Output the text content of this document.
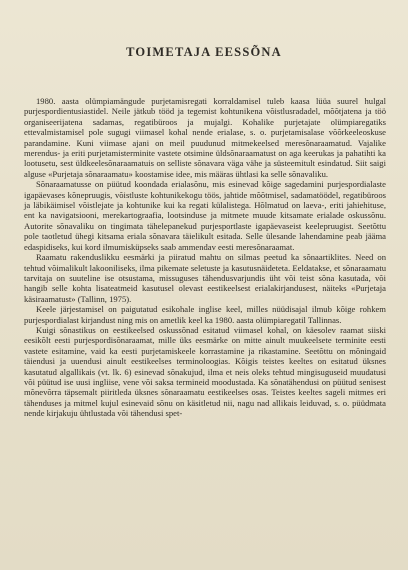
TOIMETAJA EESSÕNA

1980. aasta olümpiamängude purjetamisregati korraldamisel tuleb kaasa lüüa suurel hulgal purjespordientusiastidel. Neile jätkub tööd ja tegemist kohtunikena võistlusradadel, mõõtjatena ja töö organiseerijatena sadamas, regatibüroos ja mujalgi. Kohalike purjetajate olümpiaregatiks ettevalmistamisel pole sugugi viimasel kohal nende erialase, s. o. purjetamisalase võõrkeeleoskuse parandamine. Kuni viimase ajani on meil puudunud mitmekeelsed meresõnaraamatud. Vajalike merendus- ja eriti purjetamisterminite vastete otsimine üldsõnaraamatust on aga keerukas ja pahatihti ka lootusetu, sest üldkeelesõnaraamatuis on selliste sõnavara väga vähe ja süsteemitult esindatud. Siit saigi alguse «Purjetaja sõnaraamatu» koostamise idee, mis määras ühtlasi ka selle sõnavaliku.

Sõnaraamatusse on püütud koondada erialasõnu, mis esinevad kõige sagedamini purjespordialaste igapäevases kõnepruugis, võistluste kohtunikekogu töös, jahtide mõõtmisel, sadamatöödel, regatibüroos ja läbikäimisel võistlejate ja kohtunike kui ka regati külalistega. Hõlmatud on laeva-, eriti jahiehituse, ent ka navigatsiooni, merekartograafia, lootsinduse ja mitmete muude kitsamate erialade oskussõnu. Autorite sõnavaliku on tingimata tähelepanekud purjesportlaste igapäevaseist keelepruugist. Seetõttu pole taotletud ühegi kitsama eriala sõnavara täielikult esitada. Selle ülesande lahendamine peab jääma edaspidiseks, kui kord ilmumisküpseks saab ammendav eesti meresõnaraamat.

Raamatu rakenduslikku eesmärki ja piiratud mahtu on silmas peetud ka sõnaartiklites. Need on tehtud võimalikult lakooniliseks, ilma pikemate seletuste ja kasutusnäideteta. Eeldatakse, et sõnaraamatu tarvitaja on suuteline ise otsustama, missuguses tähendusvarjundis üht või teist sõna kasutada, või hangib selle kohta lisateatmeid kasutusel olevast eestikeelsest erialakirjandusest, näiteks «Purjetaja käsiraamatust» (Tallinn, 1975).

Keele järjestamisel on paigutatud esikohale inglise keel, milles nüüdisajal ilmub kõige rohkem purjespordialast kirjandust ning mis on ametlik keel ka 1980. aasta olümpiaregatil Tallinnas.

Kuigi sõnastikus on eestikeelsed oskussõnad esitatud viimasel kohal, on käesolev raamat siiski eesikõlt eesti purjespordisõnaraamat, mille üks eesmärke on mitte ainult muukeelsete terminite eesti vastete esitamine, vaid ka eesti purjetamiskeele korrastamine ja rikastamine. Seetõttu on mõningaid täiendusi ja uuendusi ainult eestikeelses terminoloogias. Kõigis teistes keeltes on esitatud üksnes kasutatud algallikais (vt. lk. 6) esinevad sõnakujud, ilma et neis oleks tehtud mingisuguseid muudatusi või püütud ise uusi ingliise, vene või saksa termineid moodustada. Ka sõnatähendusi on püütud senisest mõnevõrra täpsemalt piiritleda üksnes sõnaraamatu eestikeelses osas. Teistes keeltes sageli mitmes eri tähenduses ja mitmel kujul esinevaid sõnu on käsitletud nii, nagu nad allikais leiduvad, s. o. püüdmata nende kirjakuju ühtlustada või tähendusi spet-
